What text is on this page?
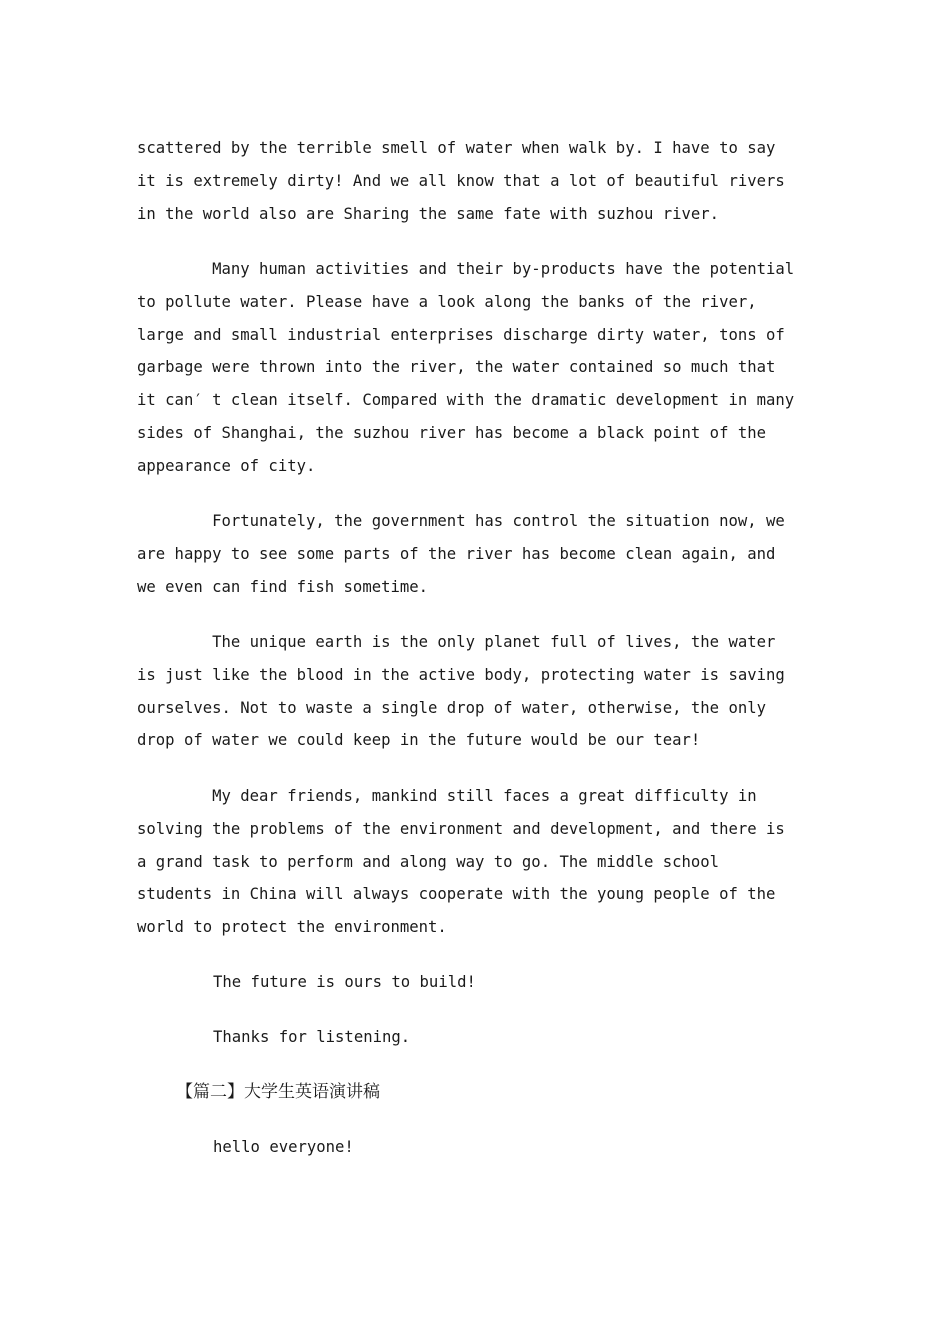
scattered by the terrible smell of water when walk by. I have to say
it is extremely dirty! And we all know that a lot of beautiful rivers
in the world also are Sharing the same fate with suzhou river.

Many human activities and their by-products have the potential
to pollute water. Please have a look along the banks of the river,
large and small industrial enterprises discharge dirty water, tons of
garbage were thrown into the river, the water contained so much that
it can′ t clean itself. Compared with the dramatic development in many
sides of Shanghai, the suzhou river has become a black point of the
appearance of city.

Fortunately, the government has control the situation now, we
are happy to see some parts of the river has become clean again, and
we even can find fish sometime.

The unique earth is the only planet full of lives, the water
is just like the blood in the active body, protecting water is saving
ourselves. Not to waste a single drop of water, otherwise, the only
drop of water we could keep in the future would be our tear!

My dear friends, mankind still faces a great difficulty in
solving the problems of the environment and development, and there is
a grand task to perform and along way to go. The middle school
students in China will always cooperate with the young people of the
world to protect the environment.

The future is ours to build!

Thanks for listening.

【篇二】大学生英语演讲稿

hello everyone!
